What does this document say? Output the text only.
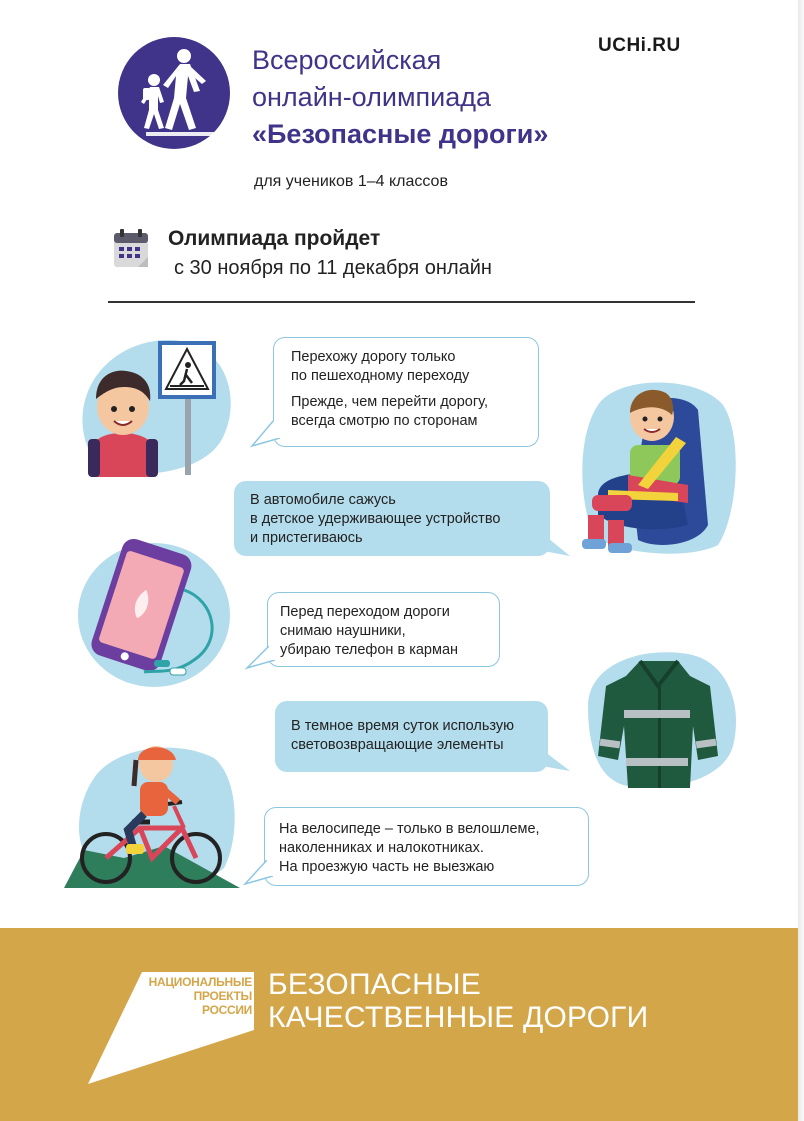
Всероссийская
онлайн-олимпиада
«Безопасные дороги»
UCHi.RU
для учеников 1–4 классов
Олимпиада пройдет
с 30 ноября по 11 декабря онлайн

Перехожу дорогу только

по пешеходному переходу

Прежде, чем перейти дорогу,

всегда смотрю по сторонам

В автомобиле сажусь

в детское удерживающее устройство

и пристегиваюсь

Перед переходом дороги

снимаю наушники,

убираю телефон в карман

В темное время суток использую

световозвращающие элементы

На велосипеде – только в велошлеме,

наколенниках и налокотниках.

На проезжую часть не выезжаю

НАЦИОНАЛЬНЫЕ
ПРОЕКТЫ
РОССИИ
БЕЗОПАСНЫЕ
КАЧЕСТВЕННЫЕ ДОРОГИ
